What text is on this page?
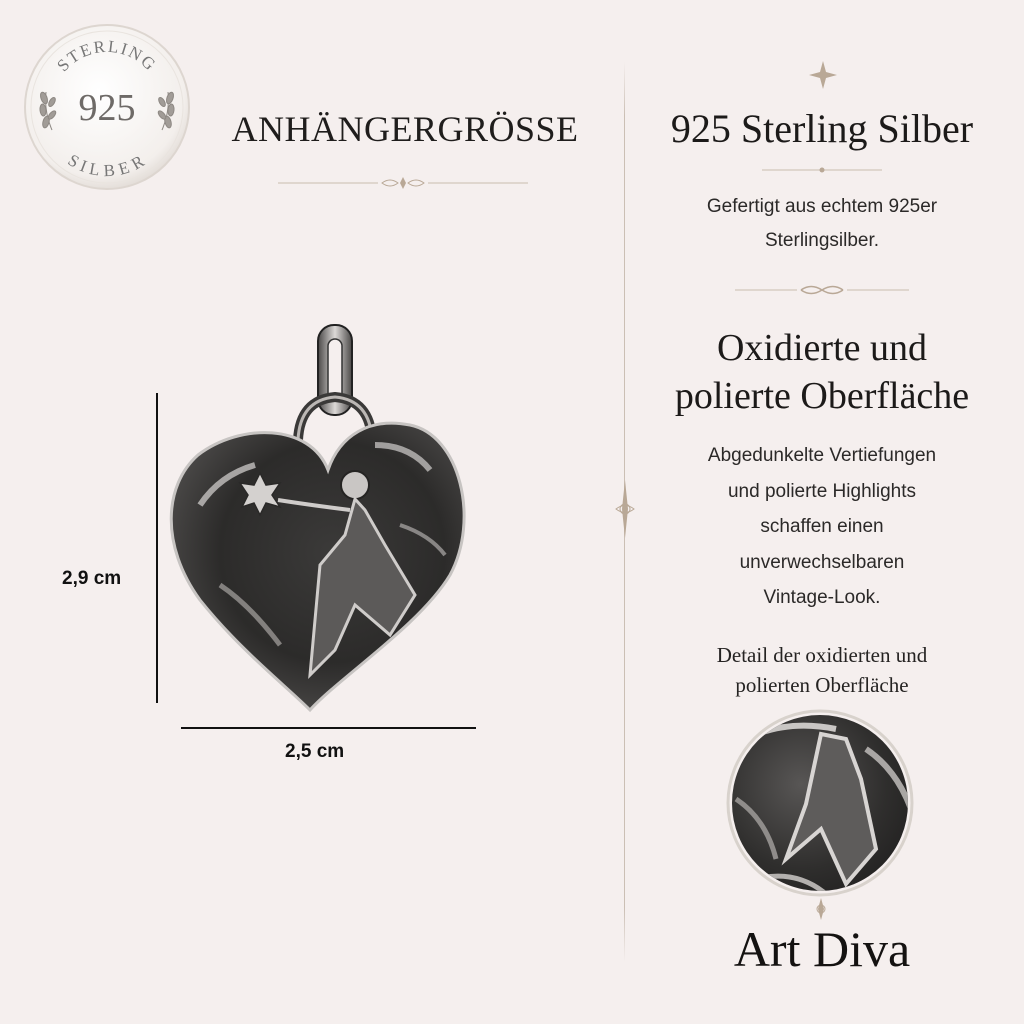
STERLING
SILBER
925	ANHÄNGERGRÖSSE
2,9 cm
2,5 cm
925 Sterling Silber
Gefertigt aus echtem 925er
Sterlingsilber.
Oxidierte und
polierte Oberfläche
Abgedunkelte Vertiefungen
und polierte Highlights
schaffen einen
unverwechselbaren
Vintage-Look.
Detail der oxidierten und
polierten Oberfläche
Art Diva
